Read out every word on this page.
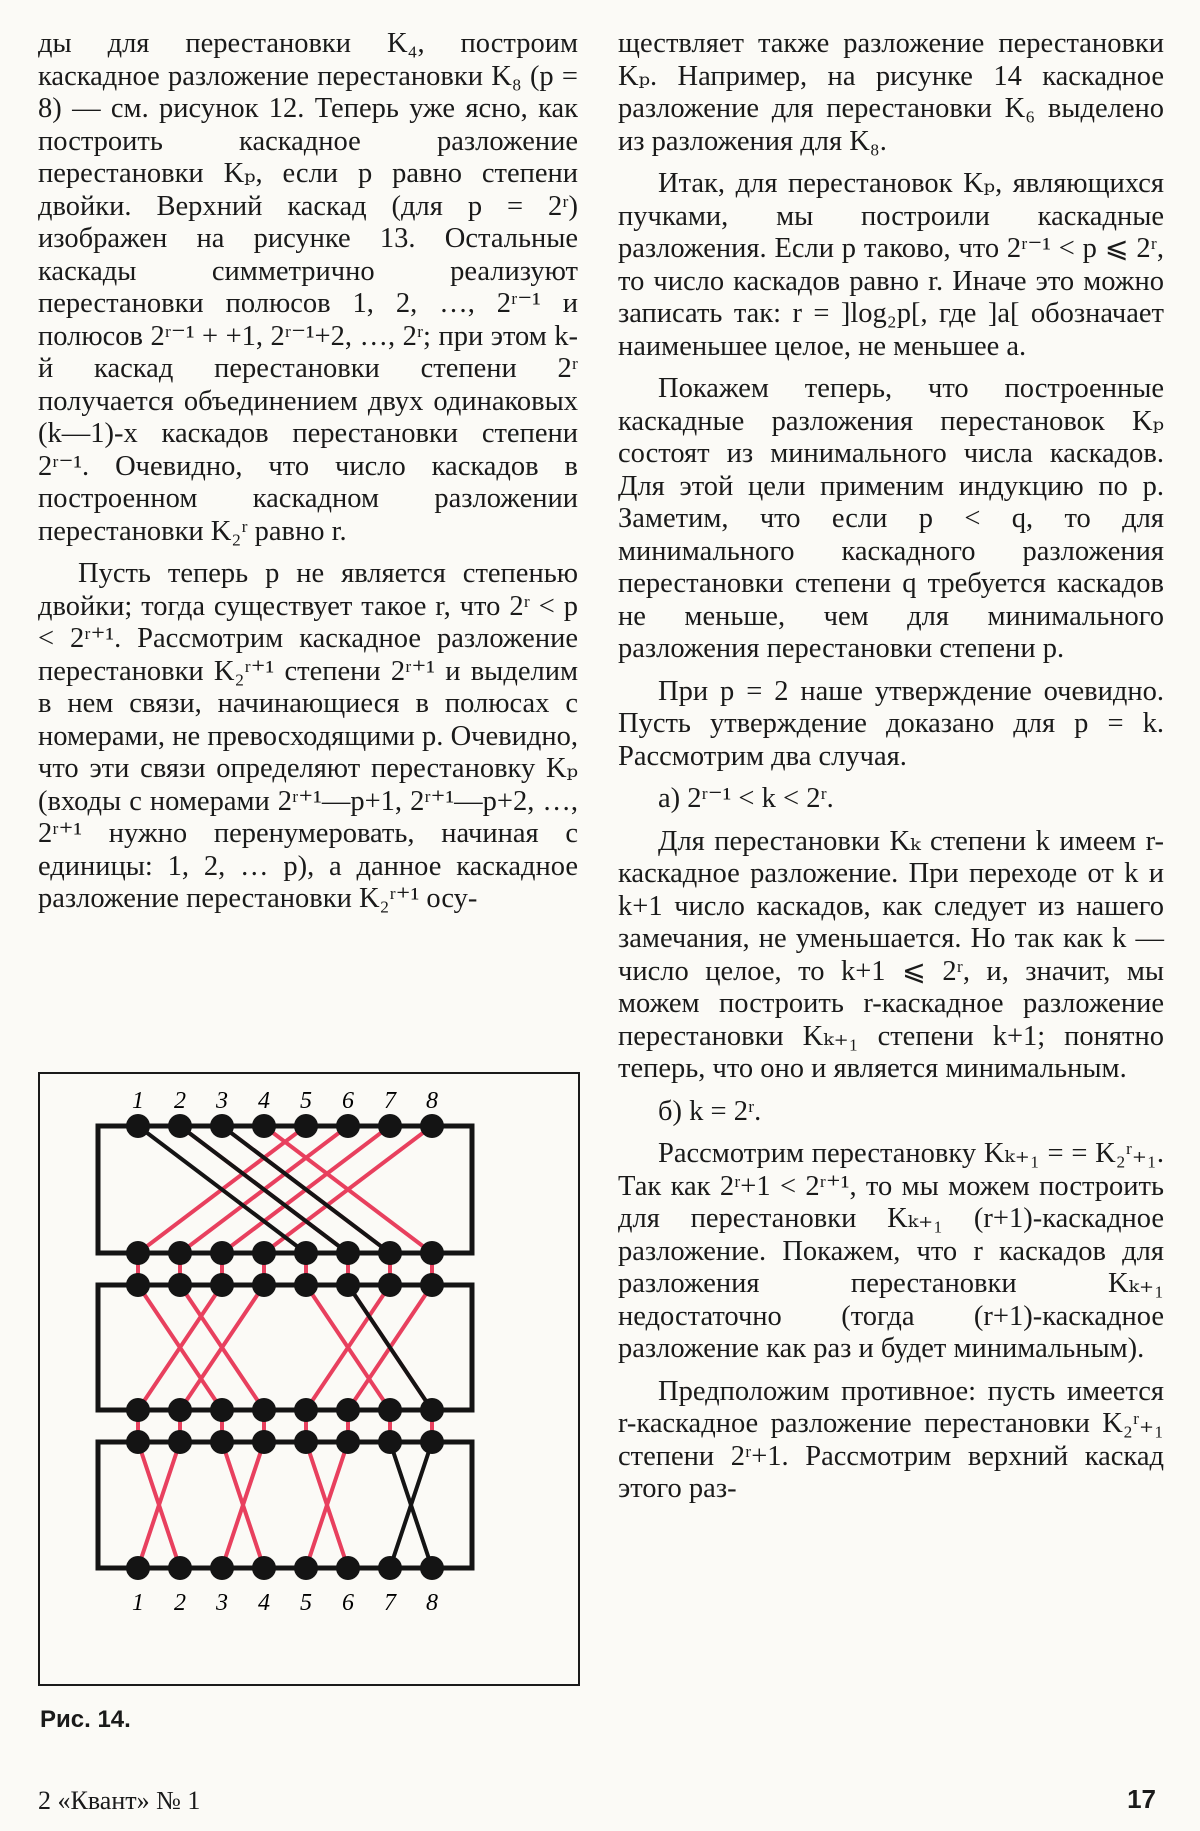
ды для перестановки K₄, построим каскадное разложение перестановки K₈ (p = 8) — см. рисунок 12. Теперь уже ясно, как построить каскадное разложение перестановки Kₚ, если p равно степени двойки. Верхний каскад (для p = 2ʳ) изображен на рисунке 13. Остальные каскады симметрично реализуют перестановки полюсов 1, 2, …, 2ʳ⁻¹ и полюсов 2ʳ⁻¹ + +1, 2ʳ⁻¹+2, …, 2ʳ; при этом k-й каскад перестановки степени 2ʳ получается объединением двух одинаковых (k—1)-х каскадов перестановки степени 2ʳ⁻¹. Очевидно, что число каскадов в построенном каскадном разложении перестановки K₂ʳ равно r.

Пусть теперь p не является степенью двойки; тогда существует такое r, что 2ʳ < p < 2ʳ⁺¹. Рассмотрим каскадное разложение перестановки K₂ʳ⁺¹ степени 2ʳ⁺¹ и выделим в нем связи, начинающиеся в полюсах с номерами, не превосходящими p. Очевидно, что эти связи определяют перестановку Kₚ (входы с номерами 2ʳ⁺¹—p+1, 2ʳ⁺¹—p+2, …, 2ʳ⁺¹ нужно перенумеровать, начиная с единицы: 1, 2, … p), а данное каскадное разложение перестановки K₂ʳ⁺¹ осу-

1 2 3 4 5 6 7 8
1 2 3 4 5 6 7 8
Рис. 14.

ществляет также разложение перестановки Kₚ. Например, на рисунке 14 каскадное разложение для перестановки K₆ выделено из разложения для K₈.

Итак, для перестановок Kₚ, являющихся пучками, мы построили каскадные разложения. Если p таково, что 2ʳ⁻¹ < p ⩽ 2ʳ, то число каскадов равно r. Иначе это можно записать так: r = ]log₂p[, где ]a[ обозначает наименьшее целое, не меньшее a.

Покажем теперь, что построенные каскадные разложения перестановок Kₚ состоят из минимального числа каскадов. Для этой цели применим индукцию по p. Заметим, что если p < q, то для минимального каскадного разложения перестановки степени q требуется каскадов не меньше, чем для минимального разложения перестановки степени p.

При p = 2 наше утверждение очевидно. Пусть утверждение доказано для p = k. Рассмотрим два случая.

а) 2ʳ⁻¹ < k < 2ʳ.

Для перестановки Kₖ степени k имеем r-каскадное разложение. При переходе от k и k+1 число каскадов, как следует из нашего замечания, не уменьшается. Но так как k — число целое, то k+1 ⩽ 2ʳ, и, значит, мы можем построить r-каскадное разложение перестановки Kₖ₊₁ степени k+1; понятно теперь, что оно и является минимальным.

б) k = 2ʳ.

Рассмотрим перестановку Kₖ₊₁ = = K₂ʳ₊₁. Так как 2ʳ+1 < 2ʳ⁺¹, то мы можем построить для перестановки Kₖ₊₁ (r+1)-каскадное разложение. Покажем, что r каскадов для разложения перестановки Kₖ₊₁ недостаточно (тогда (r+1)-каскадное разложение как раз и будет минимальным).

Предположим противное: пусть имеется r-каскадное разложение перестановки K₂ʳ₊₁ степени 2ʳ+1. Рассмотрим верхний каскад этого раз-

2 «Квант» № 1	17
